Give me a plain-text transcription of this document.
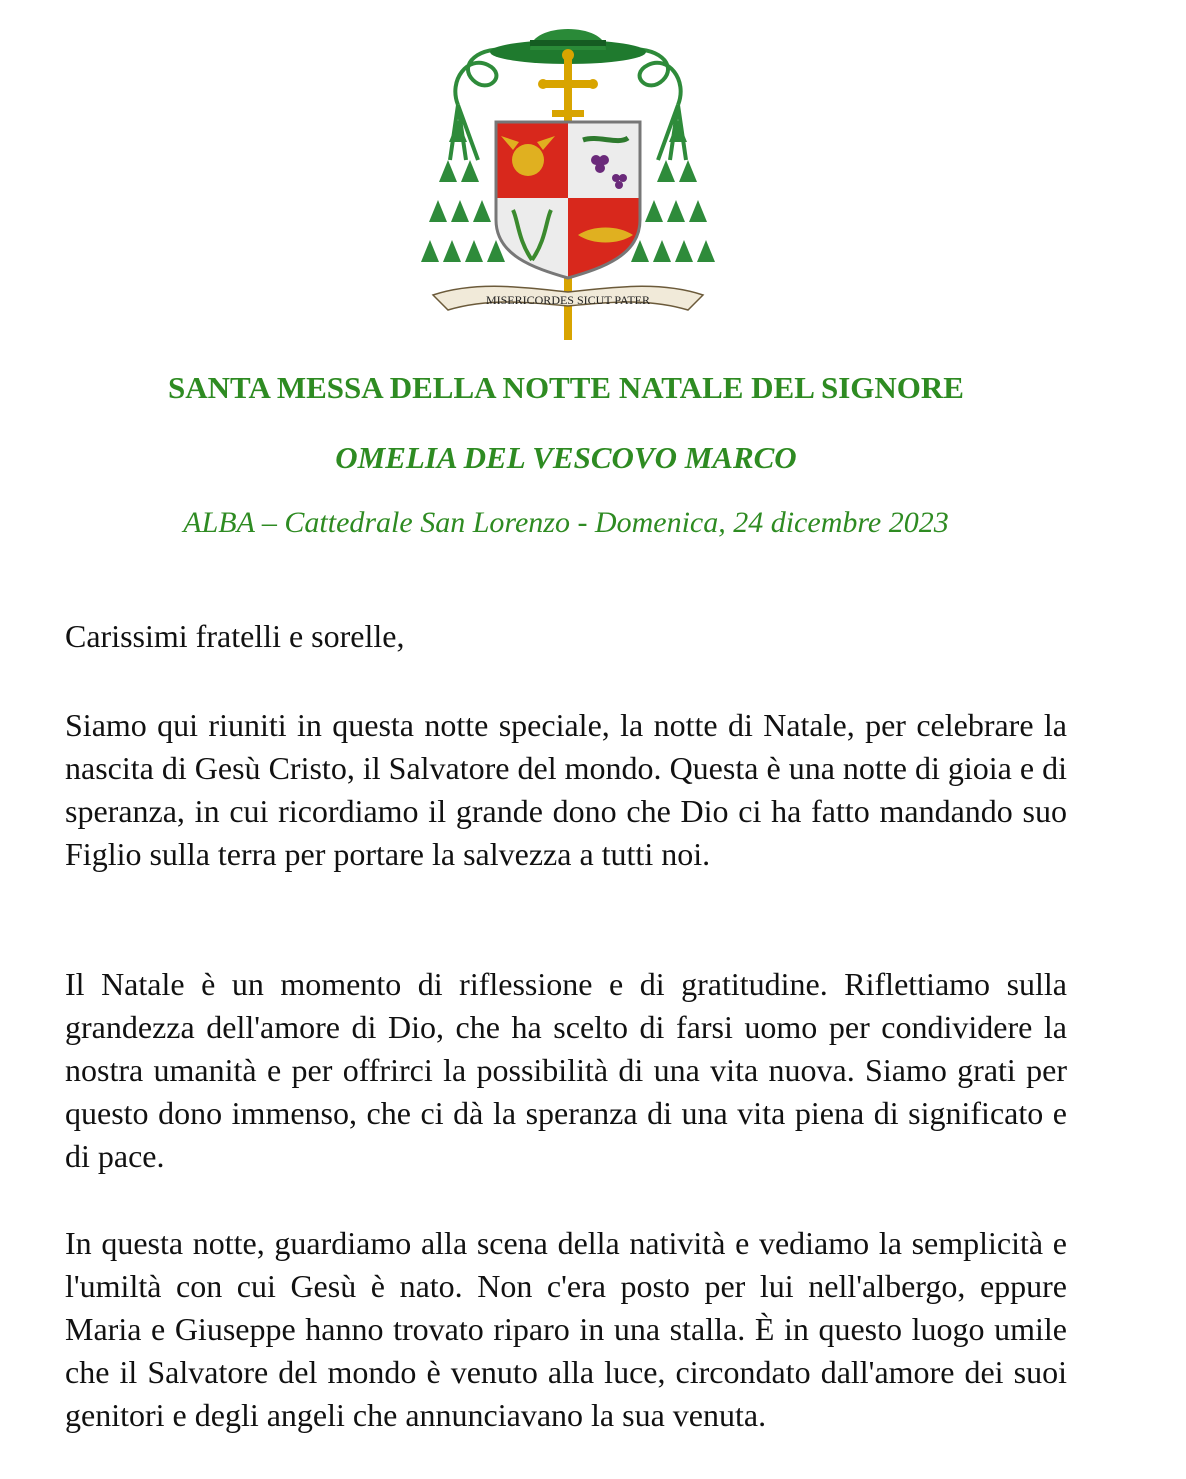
MISERICORDES SICUT PATER
SANTA MESSA DELLA NOTTE NATALE DEL SIGNORE
OMELIA DEL VESCOVO MARCO

ALBA – Cattedrale San Lorenzo - Domenica, 24 dicembre 2023

Carissimi fratelli e sorelle,

Siamo qui riuniti in questa notte speciale, la notte di Natale, per celebrare la nascita di Gesù Cristo, il Salvatore del mondo. Questa è una notte di gioia e di speranza, in cui ricordiamo il grande dono che Dio ci ha fatto mandando suo Figlio sulla terra per portare la salvezza a tutti noi.

Il Natale è un momento di riflessione e di gratitudine. Riflettiamo sulla grandezza dell'amore di Dio, che ha scelto di farsi uomo per condividere la nostra umanità e per offrirci la possibilità di una vita nuova. Siamo grati per questo dono immenso, che ci dà la speranza di una vita piena di significato e di pace.

In questa notte, guardiamo alla scena della natività e vediamo la semplicità e l'umiltà con cui Gesù è nato. Non c'era posto per lui nell'albergo, eppure Maria e Giuseppe hanno trovato riparo in una stalla. È in questo luogo umile che il Salvatore del mondo è venuto alla luce, circondato dall'amore dei suoi genitori e degli angeli che annunciavano la sua venuta.
